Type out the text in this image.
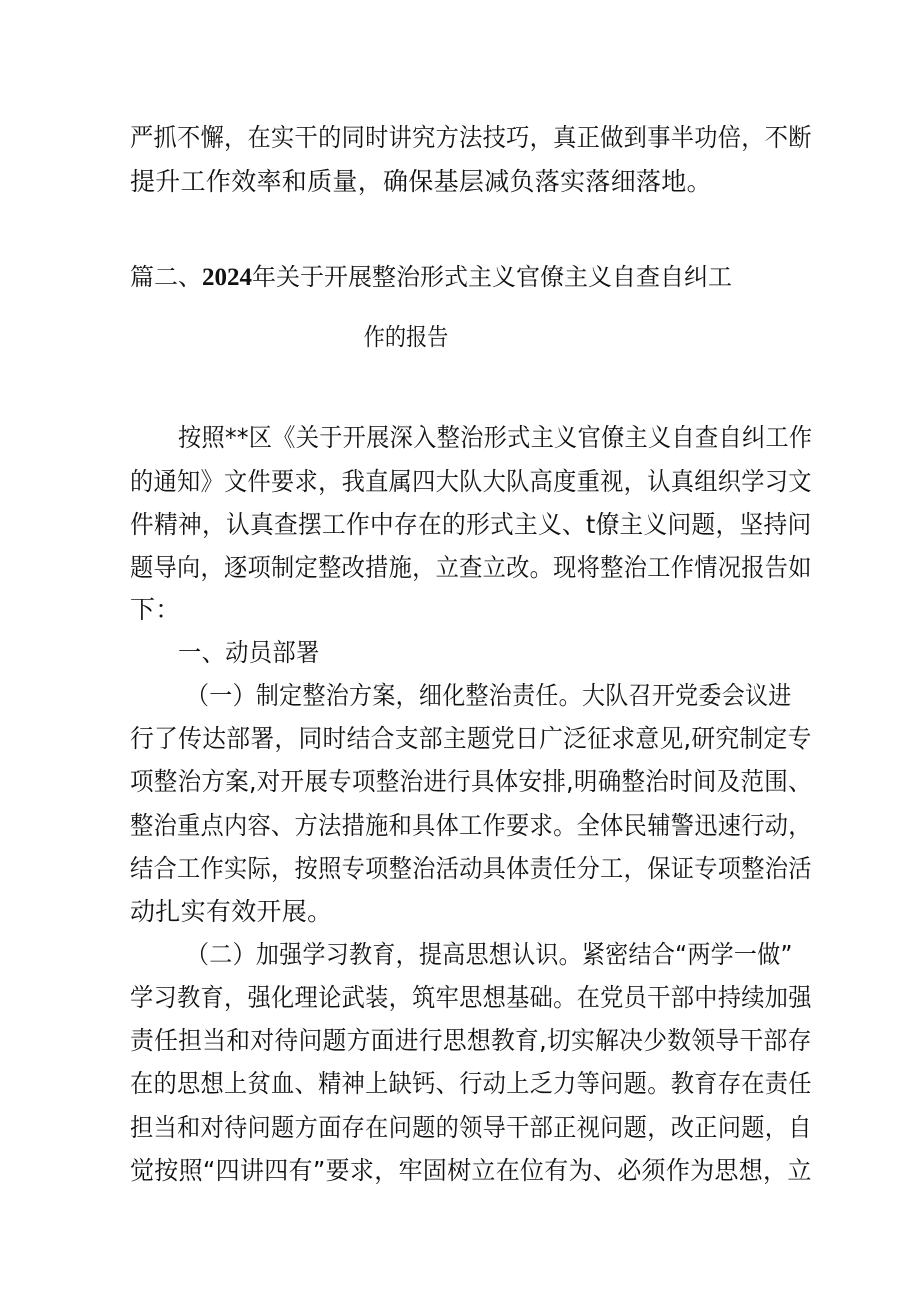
严抓不懈，在实干的同时讲究方法技巧，真正做到事半功倍，不断
提升工作效率和质量，确保基层减负落实落细落地。
篇二、2024年关于开展整治形式主义官僚主义自查自纠工
作的报告
按照**区《关于开展深入整治形式主义官僚主义自查自纠工作
的通知》文件要求，我直属四大队大队高度重视，认真组织学习文
件精神，认真查摆工作中存在的形式主义、t僚主义问题，坚持问
题导向，逐项制定整改措施，立查立改。现将整治工作情况报告如
下：
一、动员部署
（一）制定整治方案，细化整治责任。大队召开党委会议进
行了传达部署，同时结合支部主题党日广泛征求意见,研究制定专
项整治方案,对开展专项整治进行具体安排,明确整治时间及范围、
整治重点内容、方法措施和具体工作要求。全体民辅警迅速行动，
结合工作实际，按照专项整治活动具体责任分工，保证专项整治活
动扎实有效开展。
（二）加强学习教育，提高思想认识。紧密结合“两学一做”
学习教育，强化理论武装，筑牢思想基础。在党员干部中持续加强
责任担当和对待问题方面进行思想教育,切实解决少数领导干部存
在的思想上贫血、精神上缺钙、行动上乏力等问题。教育存在责任
担当和对待问题方面存在问题的领导干部正视问题，改正问题，自
觉按照“四讲四有”要求，牢固树立在位有为、必须作为思想，立
